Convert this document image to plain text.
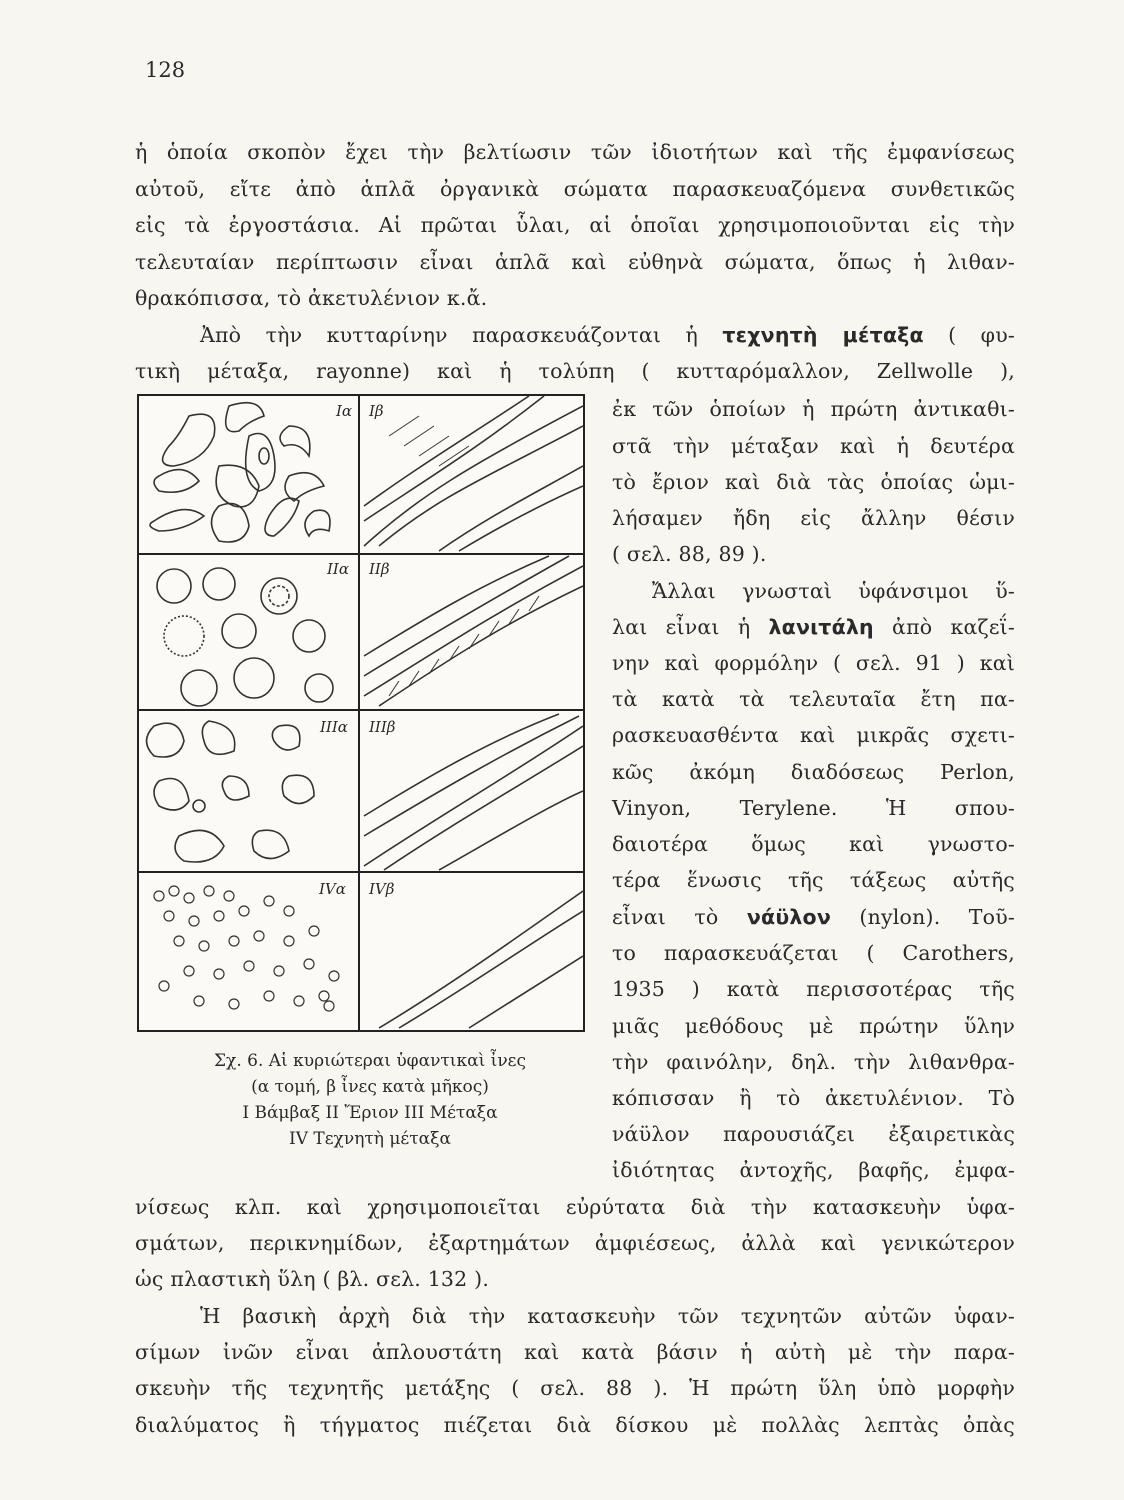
128
ἡ ὁποία σκοπὸν ἔχει τὴν βελτίωσιν τῶν ἰδιοτήτων καὶ τῆς ἐμφανίσεως
αὐτοῦ, εἴτε ἀπὸ ἁπλᾶ ὀργανικὰ σώματα παρασκευαζόμενα συνθετικῶς
εἰς τὰ ἐργοστάσια. Αἱ πρῶται ὗλαι, αἱ ὁποῖαι χρησιμοποιοῦνται εἰς τὴν
τελευταίαν περίπτωσιν εἶναι ἁπλᾶ καὶ εὐθηνὰ σώματα, ὅπως ἡ λιθαν-
θρακόπισσα, τὸ ἀκετυλένιον κ.ἄ.
Ἀπὸ τὴν κυτταρίνην παρασκευάζονται ἡ τεχνητὴ μέταξα ( φυ-
τικὴ μέταξα, rayonne) καὶ ἡ τολύπη ( κυτταρόμαλλον, Zellwolle ),
ἐκ τῶν ὁποίων ἡ πρώτη ἀντικαθι-
στᾶ τὴν μέταξαν καὶ ἡ δευτέρα
τὸ ἔριον καὶ διὰ τὰς ὁποίας ὡμι-
λήσαμεν ἤδη εἰς ἄλλην θέσιν
( σελ. 88, 89 ).
Ἄλλαι γνωσταὶ ὑφάνσιμοι ὕ-
λαι εἶναι ἡ λανιτάλη ἀπὸ καζεΐ-
νην καὶ φορμόλην ( σελ. 91 ) καὶ
τὰ κατὰ τὰ τελευταῖα ἔτη πα-
ρασκευασθέντα καὶ μικρᾶς σχετι-
κῶς ἀκόμη διαδόσεως Perlon,
Vinyon, Terylene. Ἡ σπου-
δαιοτέρα ὅμως καὶ γνωστο-
τέρα ἕνωσις τῆς τάξεως αὐτῆς
εἶναι τὸ νάϋλον (nylon). Τοῦ-
το παρασκευάζεται ( Carothers,
1935 ) κατὰ περισσοτέρας τῆς
μιᾶς μεθόδους μὲ πρώτην ὕλην
τὴν φαινόλην, δηλ. τὴν λιθανθρα-
κόπισσαν ἢ τὸ ἀκετυλένιον. Τὸ
νάϋλον παρουσιάζει ἐξαιρετικὰς
ἰδιότητας ἀντοχῆς, βαφῆς, ἐμφα-
Iα Iβ
IIα IIβ
IIIα IIIβ
IVα IVβ
Σχ. 6. Αἱ κυριώτεραι ὑφαντικαὶ ἶνες
(α τομή, β ἶνες κατὰ μῆκος)
I Βάμβαξ II Ἔριον III Μέταξα
IV Τεχνητὴ μέταξα
νίσεως κλπ. καὶ χρησιμοποιεῖται εὐρύτατα διὰ τὴν κατασκευὴν ὑφα-
σμάτων, περικνημίδων, ἐξαρτημάτων ἀμφιέσεως, ἀλλὰ καὶ γενικώτερον
ὡς πλαστικὴ ὕλη ( βλ. σελ. 132 ).
Ἡ βασικὴ ἀρχὴ διὰ τὴν κατασκευὴν τῶν τεχνητῶν αὐτῶν ὑφαν-
σίμων ἰνῶν εἶναι ἁπλουστάτη καὶ κατὰ βάσιν ἡ αὐτὴ μὲ τὴν παρα-
σκευὴν τῆς τεχνητῆς μετάξης ( σελ. 88 ). Ἡ πρώτη ὕλη ὑπὸ μορφὴν
διαλύματος ἢ τήγματος πιέζεται διὰ δίσκου μὲ πολλὰς λεπτὰς ὀπὰς
